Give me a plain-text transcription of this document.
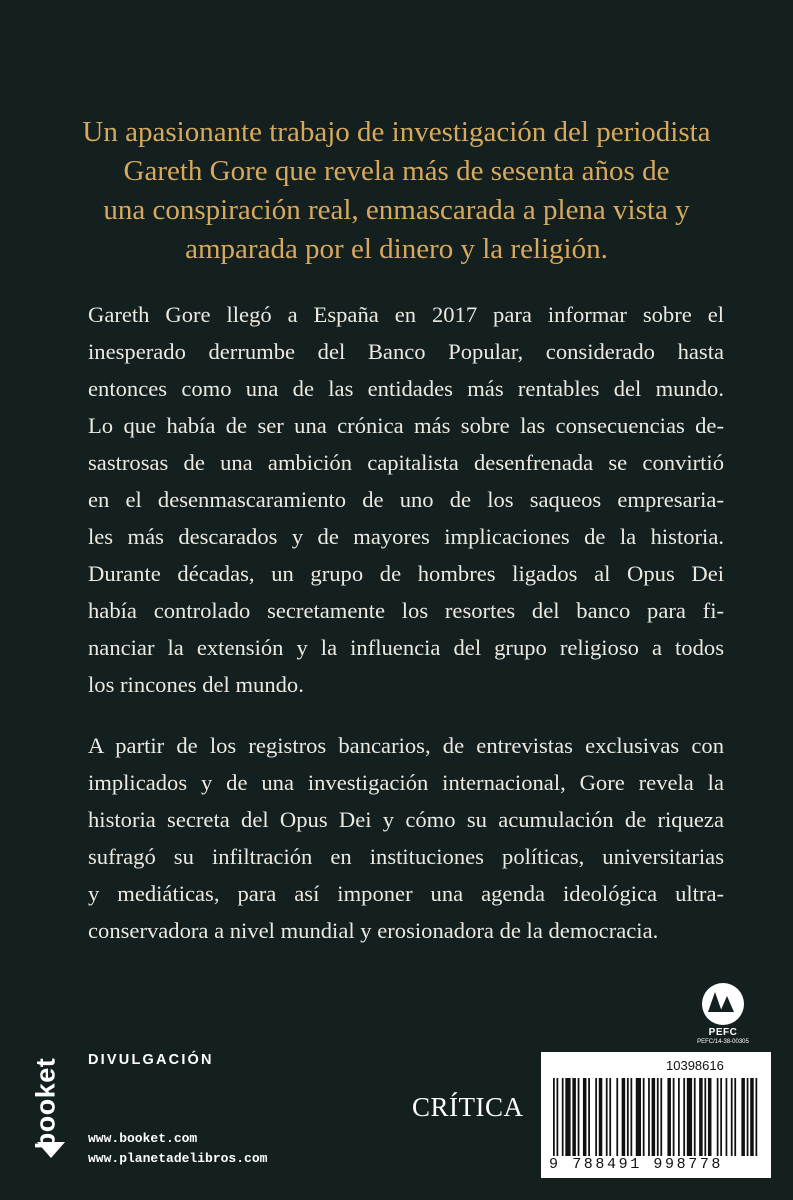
Un apasionante trabajo de investigación del periodista
Gareth Gore que revela más de sesenta años de
una conspiración real, enmascarada a plena vista y
amparada por el dinero y la religión.
Gareth Gore llegó a España en 2017 para informar sobre el
inesperado derrumbe del Banco Popular, considerado hasta
entonces como una de las entidades más rentables del mundo.
Lo que había de ser una crónica más sobre las consecuencias de-
sastrosas de una ambición capitalista desenfrenada se convirtió
en el desenmascaramiento de uno de los saqueos empresaria-
les más descarados y de mayores implicaciones de la historia.
Durante décadas, un grupo de hombres ligados al Opus Dei
había controlado secretamente los resortes del banco para fi-
nanciar la extensión y la influencia del grupo religioso a todos
los rincones del mundo.
A partir de los registros bancarios, de entrevistas exclusivas con
implicados y de una investigación internacional, Gore revela la
historia secreta del Opus Dei y cómo su acumulación de riqueza
sufragó su infiltración en instituciones políticas, universitarias
y mediáticas, para así imponer una agenda ideológica ultra-
conservadora a nivel mundial y erosionadora de la democracia.
PEFC
PEFC/14-38-00305
booket DIVULGACIÓN
www.booket.com
www.planetadelibros.com
CRÍTICA
10398616
9 788491 998778
